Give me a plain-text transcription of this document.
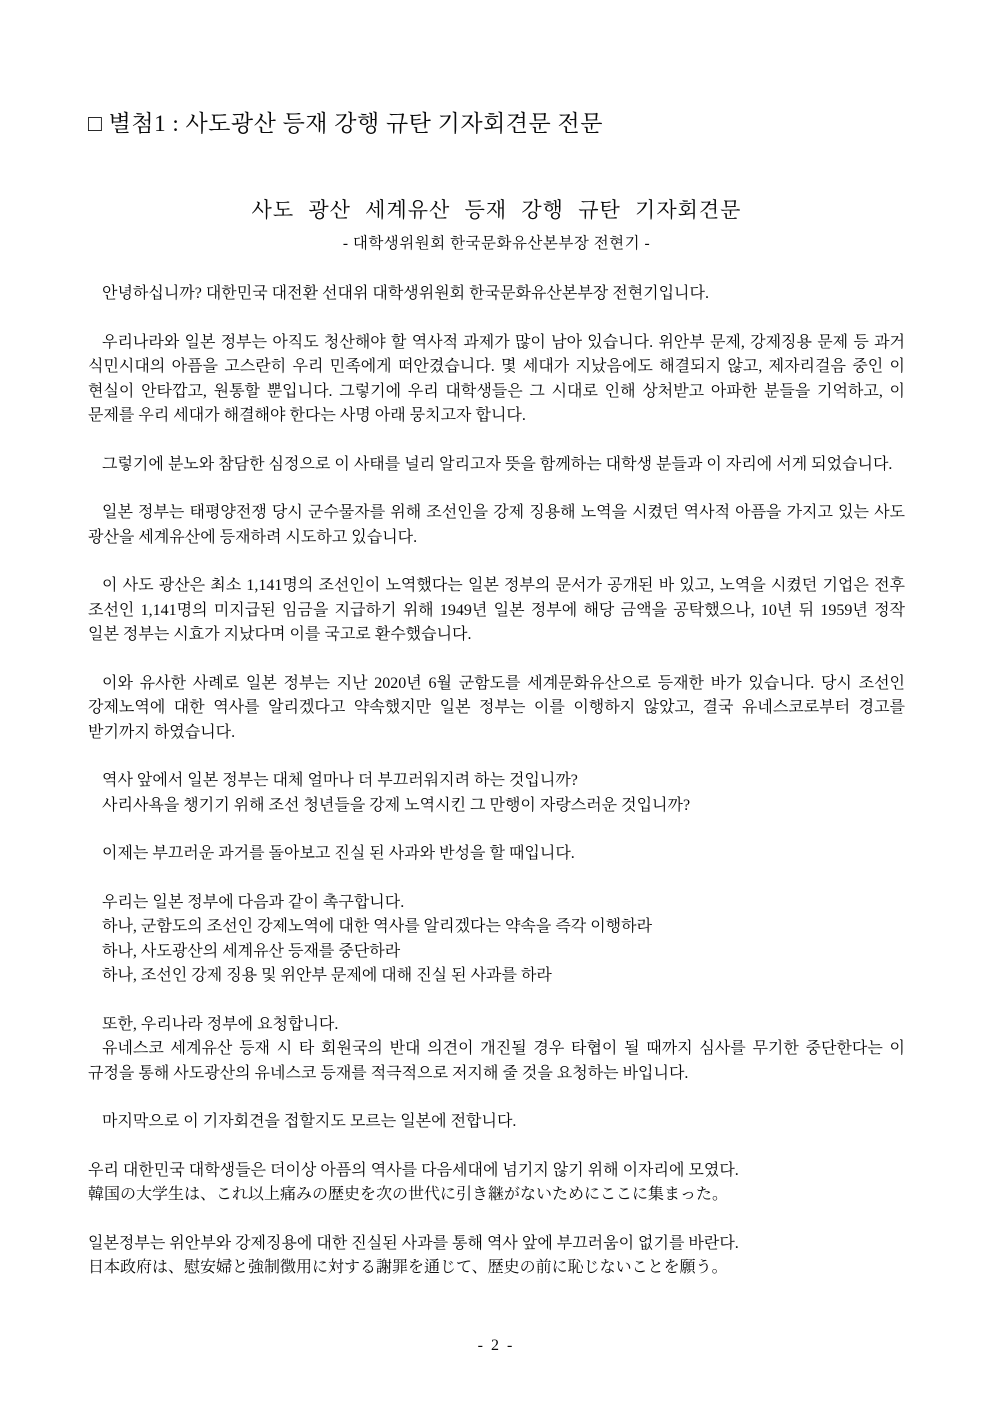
□ 별첨1 : 사도광산 등재 강행 규탄 기자회견문 전문
사도 광산 세계유산 등재 강행 규탄 기자회견문
- 대학생위원회 한국문화유산본부장 전현기 -
안녕하십니까? 대한민국 대전환 선대위 대학생위원회 한국문화유산본부장 전현기입니다.
우리나라와 일본 정부는 아직도 청산해야 할 역사적 과제가 많이 남아 있습니다. 위안부 문제, 강제징용 문제 등 과거 식민시대의 아픔을 고스란히 우리 민족에게 떠안겼습니다. 몇 세대가 지났음에도 해결되지 않고, 제자리걸음 중인 이 현실이 안타깝고, 원통할 뿐입니다. 그렇기에 우리 대학생들은 그 시대로 인해 상처받고 아파한 분들을 기억하고, 이 문제를 우리 세대가 해결해야 한다는 사명 아래 뭉치고자 합니다.
그렇기에 분노와 참담한 심정으로 이 사태를 널리 알리고자 뜻을 함께하는 대학생 분들과 이 자리에 서게 되었습니다.
일본 정부는 태평양전쟁 당시 군수물자를 위해 조선인을 강제 징용해 노역을 시켰던 역사적 아픔을 가지고 있는 사도 광산을 세계유산에 등재하려 시도하고 있습니다.
이 사도 광산은 최소 1,141명의 조선인이 노역했다는 일본 정부의 문서가 공개된 바 있고, 노역을 시켰던 기업은 전후 조선인 1,141명의 미지급된 임금을 지급하기 위해 1949년 일본 정부에 해당 금액을 공탁했으나, 10년 뒤 1959년 정작 일본 정부는 시효가 지났다며 이를 국고로 환수했습니다.
이와 유사한 사례로 일본 정부는 지난 2020년 6월 군함도를 세계문화유산으로 등재한 바가 있습니다. 당시 조선인 강제노역에 대한 역사를 알리겠다고 약속했지만 일본 정부는 이를 이행하지 않았고, 결국 유네스코로부터 경고를 받기까지 하였습니다.
역사 앞에서 일본 정부는 대체 얼마나 더 부끄러워지려 하는 것입니까?
사리사욕을 챙기기 위해 조선 청년들을 강제 노역시킨 그 만행이 자랑스러운 것입니까?
이제는 부끄러운 과거를 돌아보고 진실 된 사과와 반성을 할 때입니다.
우리는 일본 정부에 다음과 같이 촉구합니다.
하나, 군함도의 조선인 강제노역에 대한 역사를 알리겠다는 약속을 즉각 이행하라
하나, 사도광산의 세계유산 등재를 중단하라
하나, 조선인 강제 징용 및 위안부 문제에 대해 진실 된 사과를 하라
또한, 우리나라 정부에 요청합니다.
유네스코 세계유산 등재 시 타 회원국의 반대 의견이 개진될 경우 타협이 될 때까지 심사를 무기한 중단한다는 이 규정을 통해 사도광산의 유네스코 등재를 적극적으로 저지해 줄 것을 요청하는 바입니다.
마지막으로 이 기자회견을 접할지도 모르는 일본에 전합니다.
우리 대한민국 대학생들은 더이상 아픔의 역사를 다음세대에 넘기지 않기 위해 이자리에 모였다.
韓国の大学生は、これ以上痛みの歴史を次の世代に引き継がないためにここに集まった。
일본정부는 위안부와 강제징용에 대한 진실된 사과를 통해 역사 앞에 부끄러움이 없기를 바란다.
日本政府は、慰安婦と強制徴用に対する謝罪を通じて、歴史の前に恥じないことを願う。
- 2 -
